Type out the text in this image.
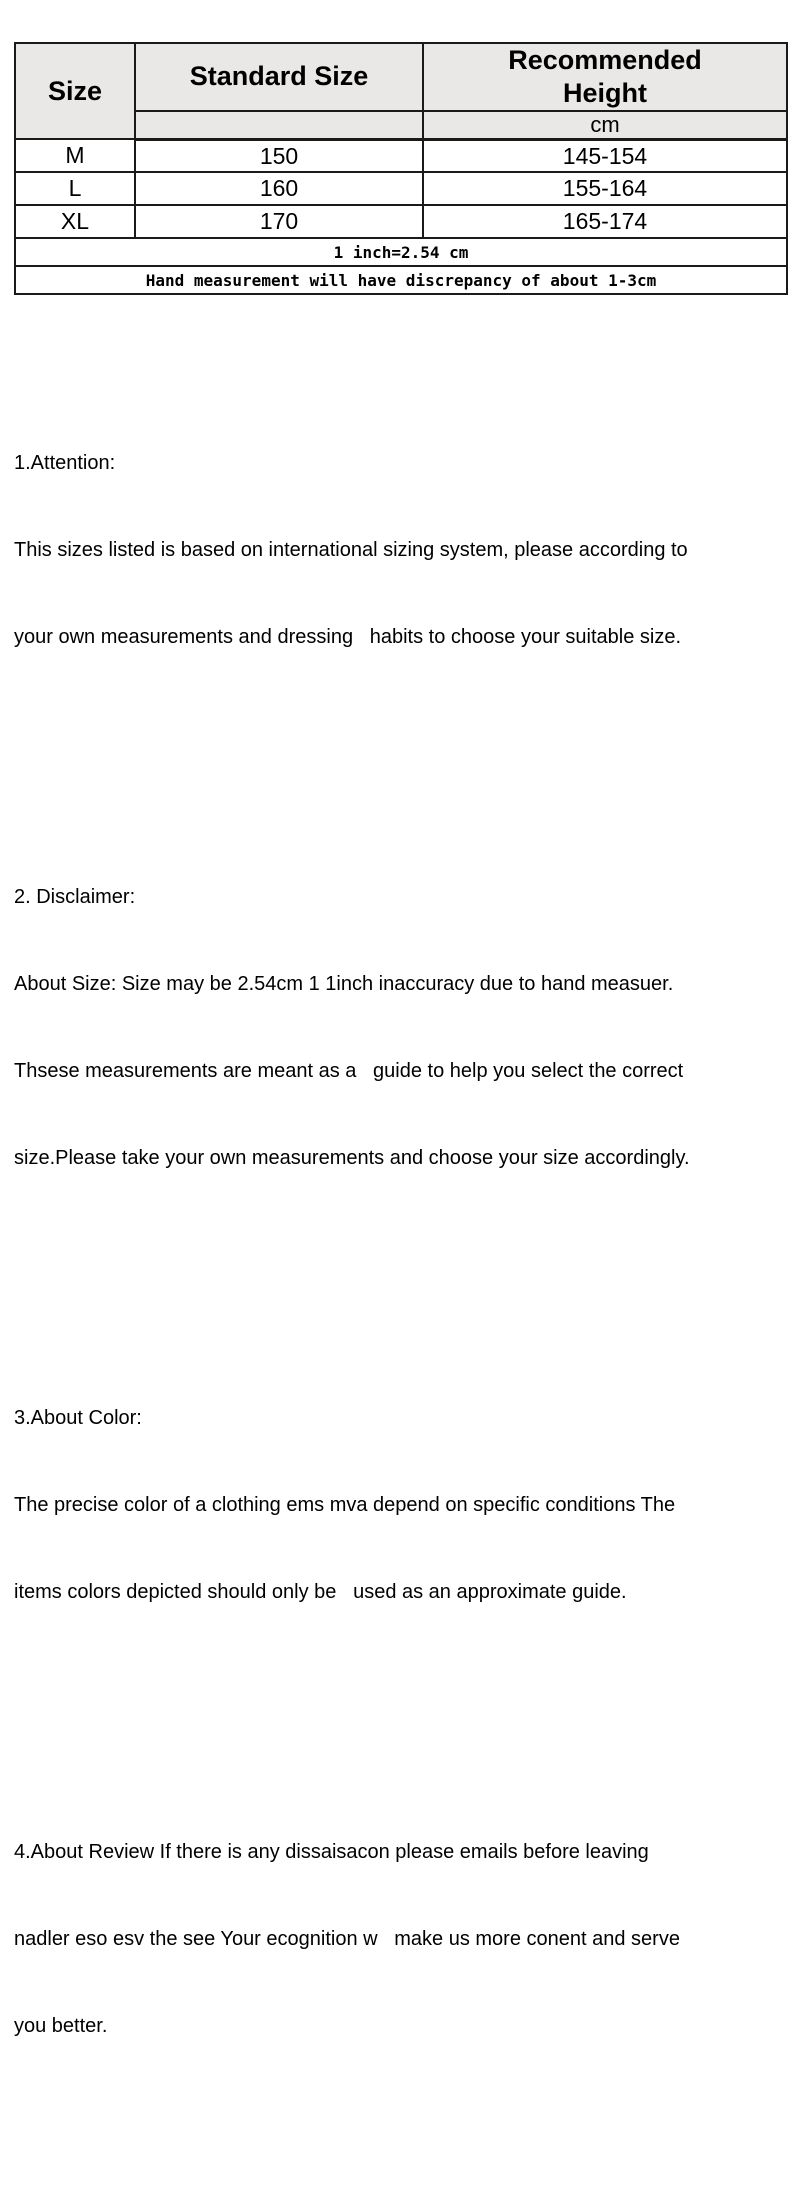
Size	Standard Size	Recommended Height

		cm
M	150	145-154
L	160	155-164
XL	170	165-174
1 inch=2.54 cm		
Hand measurement will have discrepancy of about 1-3cm		

1.Attention:

This sizes listed is based on international sizing system, please according to

your own measurements and dressing   habits to choose your suitable size.

2. Disclaimer:

About Size: Size may be 2.54cm 1 1inch inaccuracy due to hand measuer.

Thsese measurements are meant as a   guide to help you select the correct

size.Please take your own measurements and choose your size accordingly.

3.About Color:

The precise color of a clothing ems mva depend on specific conditions The

items colors depicted should only be   used as an approximate guide.

4.About Review If there is any dissaisacon please emails before leaving

nadler eso esv the see Your ecognition w   make us more conent and serve

you better.
